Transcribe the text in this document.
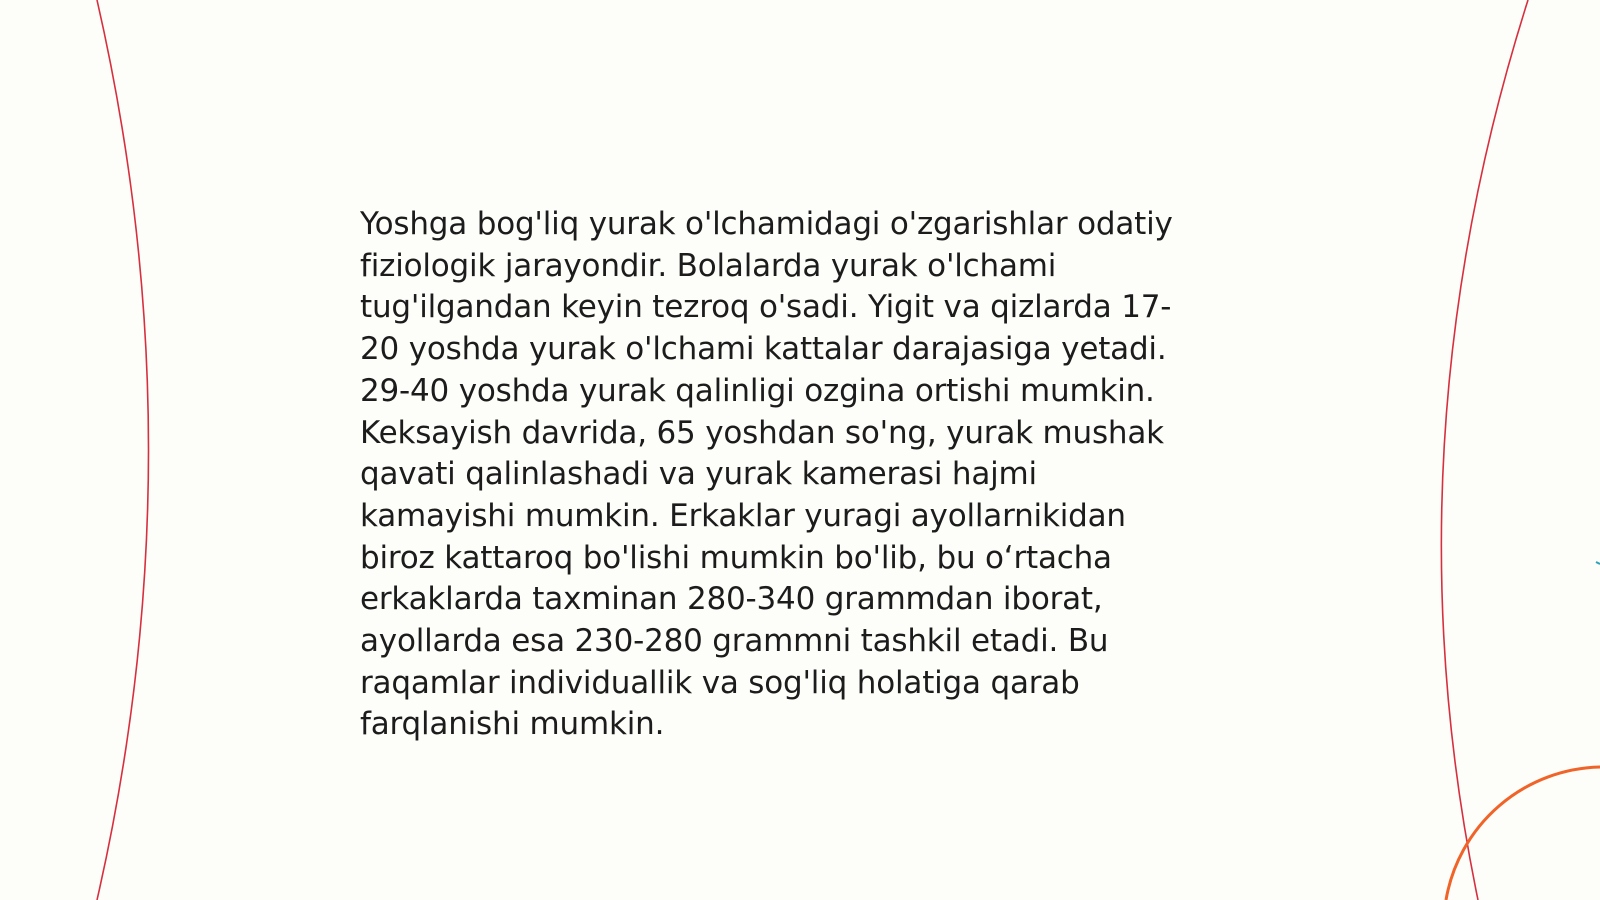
Yoshga bog'liq yurak o'lchamidagi o'zgarishlar odatiy
fiziologik jarayondir. Bolalarda yurak o'lchami
tug'ilgandan keyin tezroq o'sadi. Yigit va qizlarda 17-
20 yoshda yurak o'lchami kattalar darajasiga yetadi.
29-40 yoshda yurak qalinligi ozgina ortishi mumkin.
Keksayish davrida, 65 yoshdan so'ng, yurak mushak
qavati qalinlashadi va yurak kamerasi hajmi
kamayishi mumkin. Erkaklar yuragi ayollarnikidan
biroz kattaroq bo'lishi mumkin bo'lib, bu oʻrtacha
erkaklarda taxminan 280-340 grammdan iborat,
ayollarda esa 230-280 grammni tashkil etadi. Bu
raqamlar individuallik va sog'liq holatiga qarab
farqlanishi mumkin.
